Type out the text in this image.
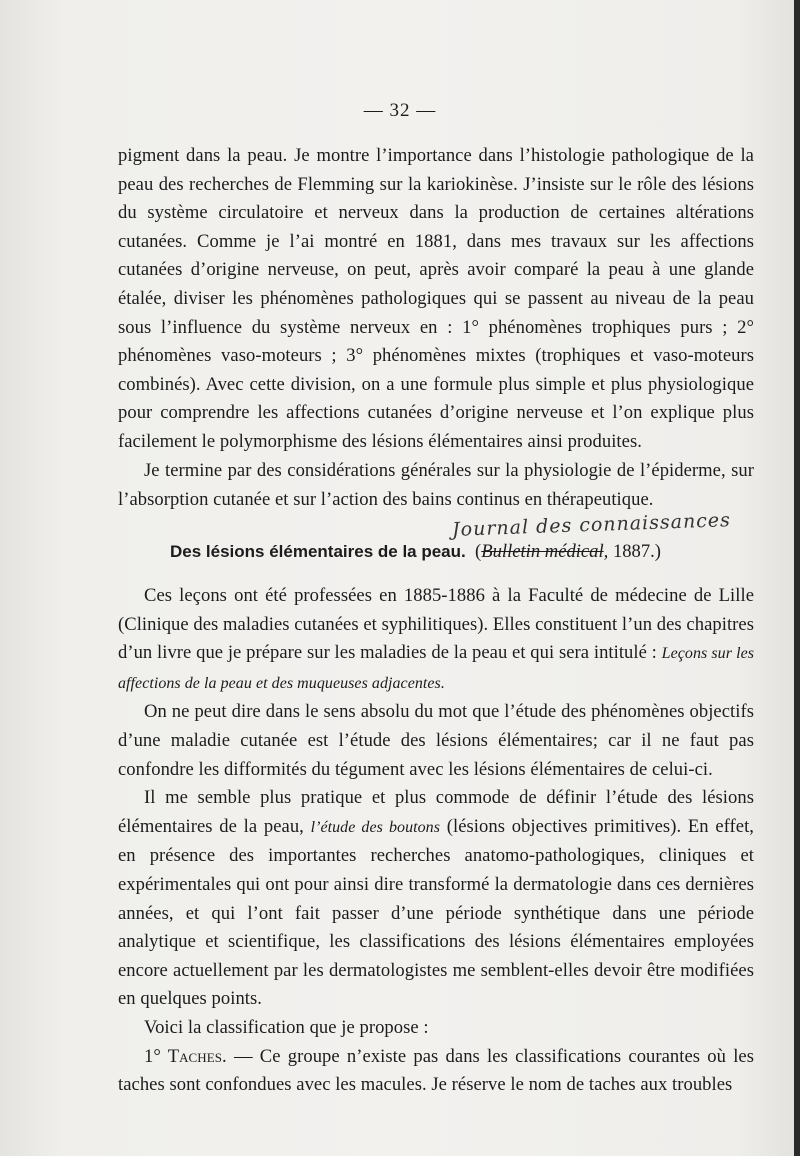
— 32 —
pigment dans la peau. Je montre l’importance dans l’histologie pathologique de la peau des recherches de Flemming sur la kariokinèse. J’insiste sur le rôle des lésions du système circulatoire et nerveux dans la production de certaines altérations cutanées. Comme je l’ai montré en 1881, dans mes travaux sur les affections cutanées d’origine nerveuse, on peut, après avoir comparé la peau à une glande étalée, diviser les phénomènes pathologiques qui se passent au niveau de la peau sous l’influence du système nerveux en : 1° phénomènes trophiques purs ; 2° phénomènes vaso-moteurs ; 3° phénomènes mixtes (trophiques et vaso-moteurs combinés). Avec cette division, on a une formule plus simple et plus physiologique pour comprendre les affections cutanées d’origine nerveuse et l’on explique plus facilement le polymorphisme des lésions élémentaires ainsi produites.
Je termine par des considérations générales sur la physiologie de l’épiderme, sur l’absorption cutanée et sur l’action des bains continus en thérapeutique.
Journal des connaissances
Des lésions élémentaires de la peau. (Bulletin médical, 1887.)

Ces leçons ont été professées en 1885-1886 à la Faculté de médecine de Lille (Clinique des maladies cutanées et syphilitiques). Elles constituent l’un des chapitres d’un livre que je prépare sur les maladies de la peau et qui sera intitulé : Leçons sur les affections de la peau et des muqueuses adjacentes.

On ne peut dire dans le sens absolu du mot que l’étude des phénomènes objectifs d’une maladie cutanée est l’étude des lésions élémentaires; car il ne faut pas confondre les difformités du tégument avec les lésions élémentaires de celui-ci.

Il me semble plus pratique et plus commode de définir l’étude des lésions élémentaires de la peau, l’étude des boutons (lésions objectives primitives). En effet, en présence des importantes recherches anatomo-pathologiques, cliniques et expérimentales qui ont pour ainsi dire transformé la dermatologie dans ces dernières années, et qui l’ont fait passer d’une période synthétique dans une période analytique et scientifique, les classifications des lésions élémentaires employées encore actuellement par les dermatologistes me semblent-elles devoir être modifiées en quelques points.

Voici la classification que je propose :

1° Taches. — Ce groupe n’existe pas dans les classifications courantes où les taches sont confondues avec les macules. Je réserve le nom de taches aux troubles
